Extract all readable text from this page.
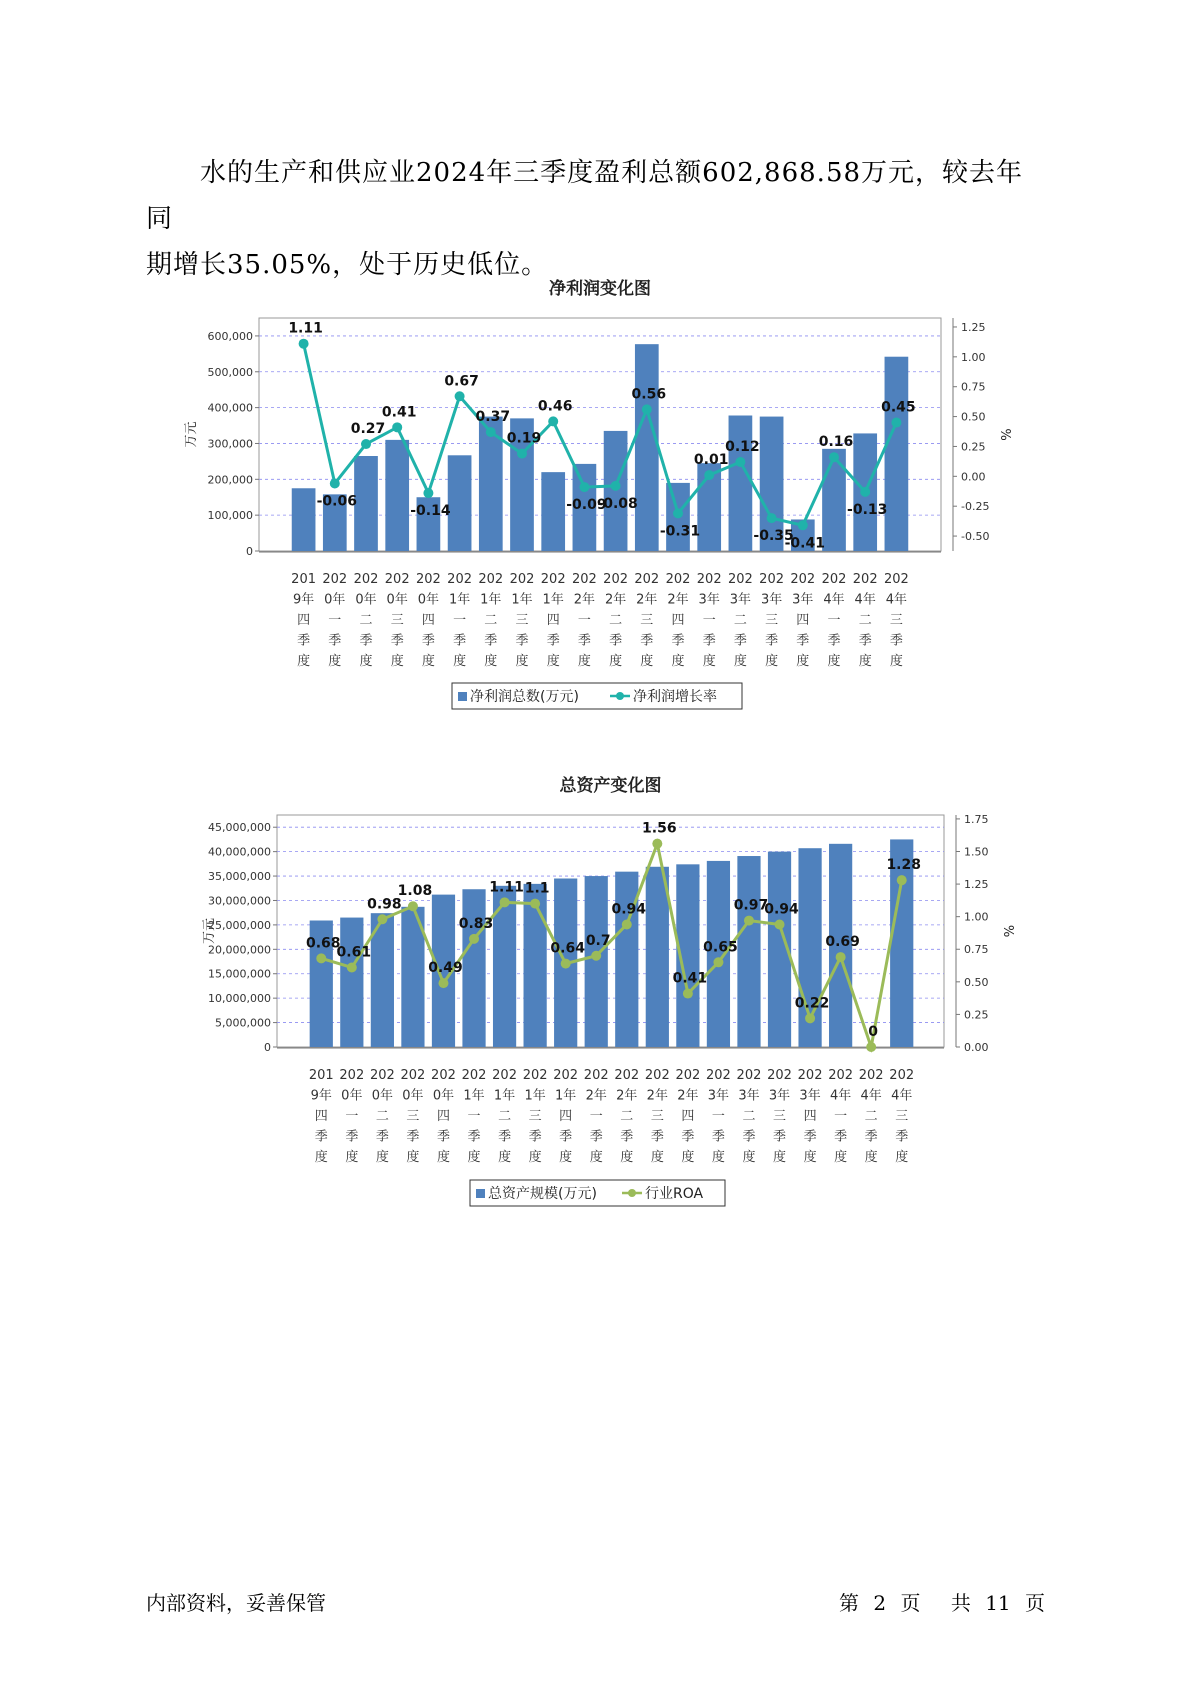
水的生产和供应业2024年三季度盈利总额602,868.58万元，较去年同
期增长35.05%，处于历史低位。

净利润变化图
0
100,000
200,000
300,000
400,000
500,000
600,000
-0.50
-0.25
0.00
0.25
0.50
0.75
1.00
1.25
万元	%
1.11
-0.06
0.27
0.41
-0.14
0.67
0.37
0.19
0.46
-0.09
-0.08
0.56
-0.31
0.01
0.12
-0.35
-0.41
0.16
-0.13
0.45
201
9年
四
季
度
202
0年
一
季
度
202
0年
二
季
度
202
0年
三
季
度
202
0年
四
季
度
202
1年
一
季
度
202
1年
二
季
度
202
1年
三
季
度
202
1年
四
季
度
202
2年
一
季
度
202
2年
二
季
度
202
2年
三
季
度
202
2年
四
季
度
202
3年
一
季
度
202
3年
二
季
度
202
3年
三
季
度
202
3年
四
季
度
202
4年
一
季
度
202
4年
二
季
度
202
4年
三
季
度
净利润总数(万元)	净利润增长率
总资产变化图
0
5,000,000
10,000,000
15,000,000
20,000,000
25,000,000
30,000,000
35,000,000
40,000,000
45,000,000
0.00
0.25
0.50
0.75
1.00
1.25
1.50
1.75
万元	%
0.68
0.61
0.98
1.08
0.49
0.83
1.11 1.1
0.64 0.7
0.94
1.56
0.41
0.65
0.97
0.94
0.22
0.69
0
1.28
201
9年
四
季
度
202
0年
一
季
度
202
0年
二
季
度
202
0年
三
季
度
202
0年
四
季
度
202
1年
一
季
度
202
1年
二
季
度
202
1年
三
季
度
202
1年
四
季
度
202
2年
一
季
度
202
2年
二
季
度
202
2年
三
季
度
202
2年
四
季
度
202
3年
一
季
度
202
3年
二
季
度
202
3年
三
季
度
202
3年
四
季
度
202
4年
一
季
度
202
4年
二
季
度
202
4年
三
季
度
总资产规模(万元)	行业ROA
内部资料，妥善保管	第 2 页 共 11 页
